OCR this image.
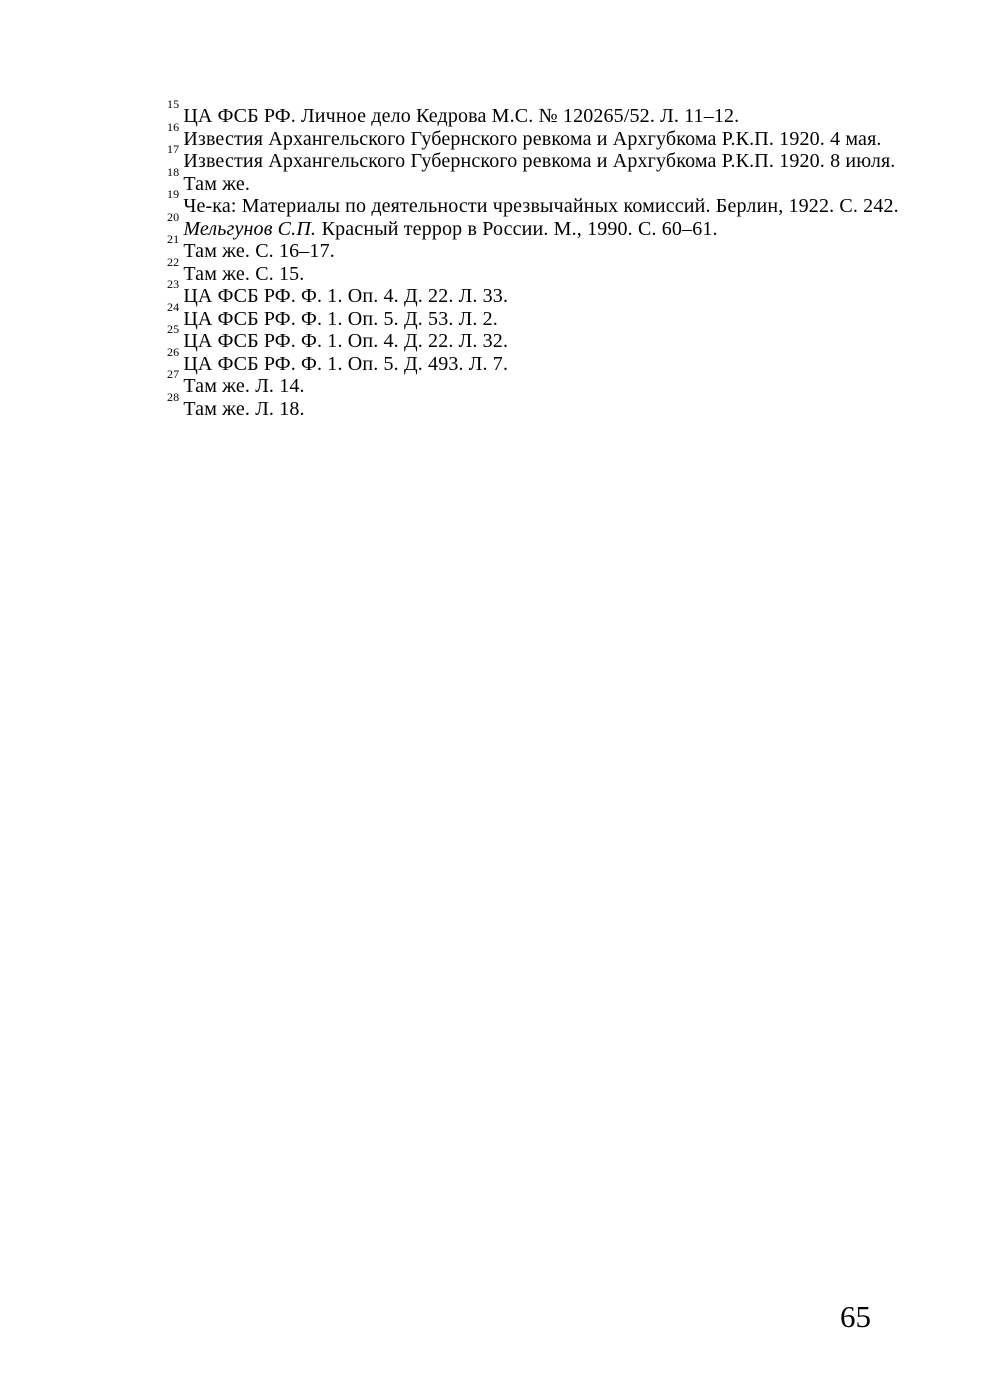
$^{15}$ЦА ФСБ РФ. Личное дело Кедрова М.С. № 120265/52. Л. 11–12.
$^{16}$Известия Архангельского Губернского ревкома и Архгубкома Р.К.П. 1920. 4 мая.
$^{17}$Известия Архангельского Губернского ревкома и Архгубкома Р.К.П. 1920. 8 июля.
$^{18}$Там же.
$^{19}$Че-ка: Материалы по деятельности чрезвычайных комиссий. Берлин, 1922. С. 242.
$^{20}$Мельгунов С.П. Красный террор в России. М., 1990. С. 60–61.
$^{21}$Там же. С. 16–17.
$^{22}$Там же. С. 15.
$^{23}$ЦА ФСБ РФ. Ф. 1. Оп. 4. Д. 22. Л. 33.
$^{24}$ЦА ФСБ РФ. Ф. 1. Оп. 5. Д. 53. Л. 2.
$^{25}$ЦА ФСБ РФ. Ф. 1. Оп. 4. Д. 22. Л. 32.
$^{26}$ЦА ФСБ РФ. Ф. 1. Оп. 5. Д. 493. Л. 7.
$^{27}$Там же. Л. 14.
$^{28}$Там же. Л. 18.
65
